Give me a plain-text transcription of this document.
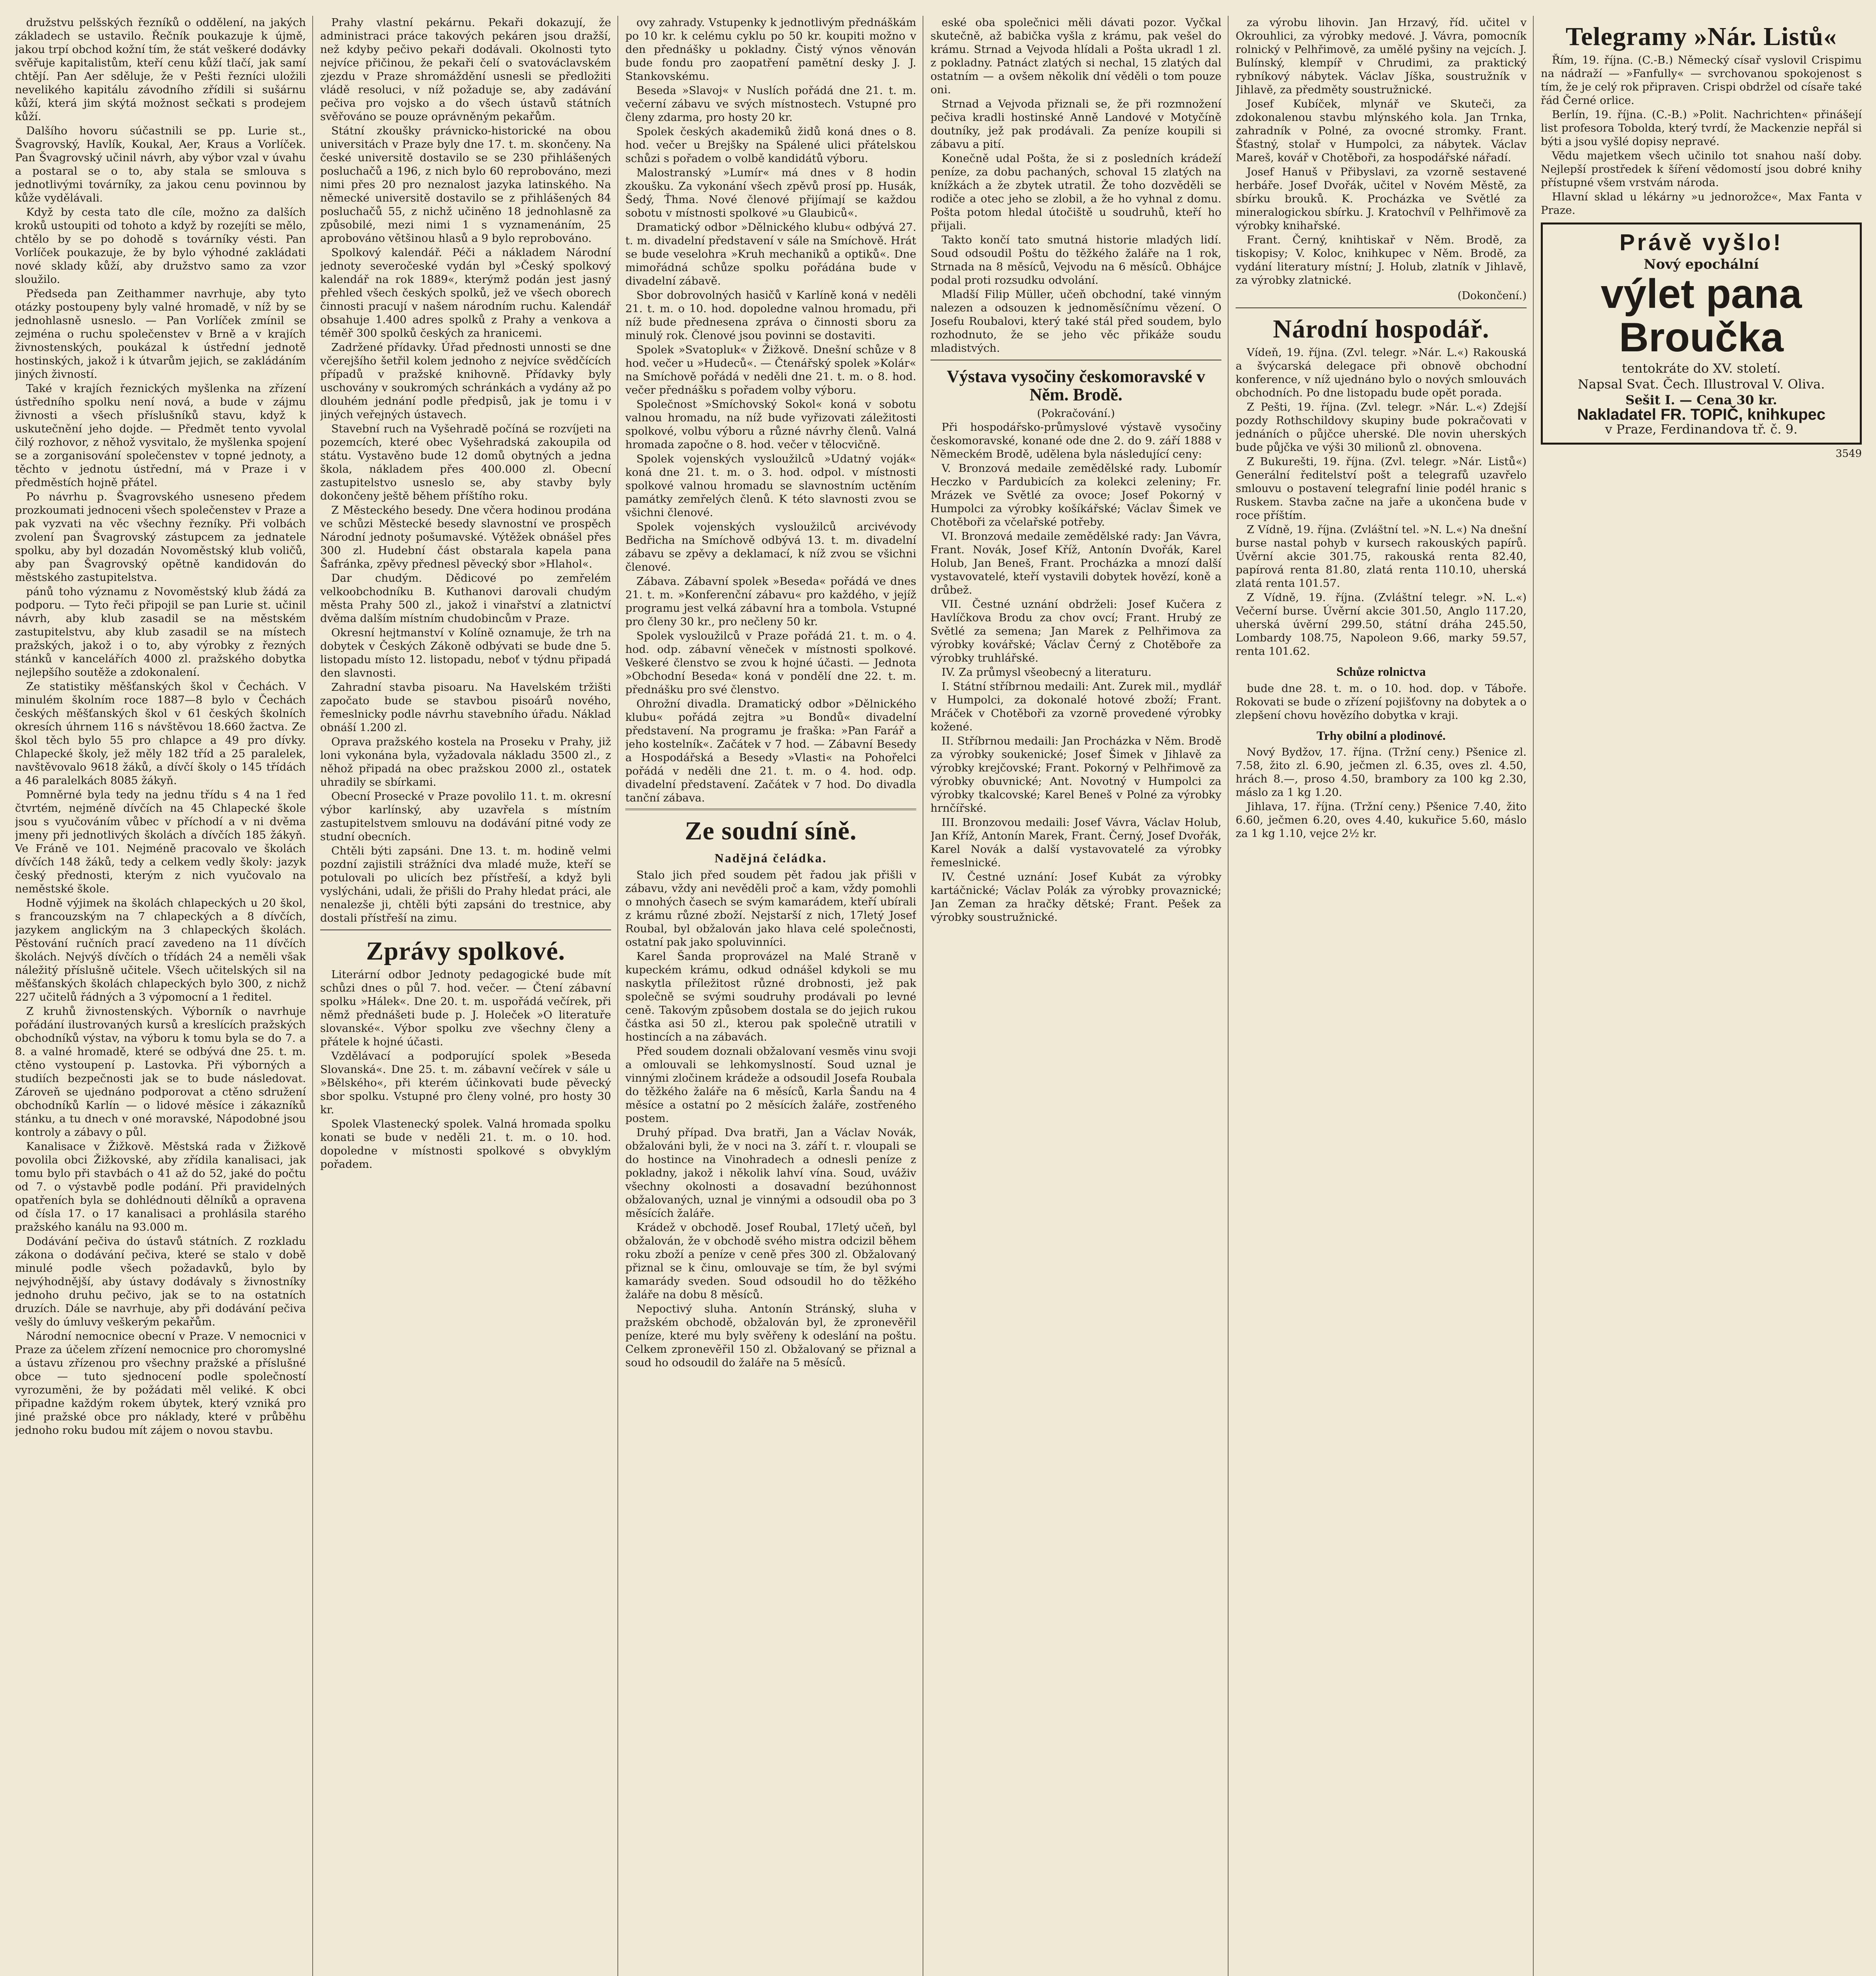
družstvu pelšských řezníků o oddělení, na jakých základech se ustavilo. Řečník poukazuje k újmě, jakou trpí obchod kožní tím, že stát veškeré dodávky svěřuje kapitalistům, kteří cenu kůží tlačí, jak samí chtějí. Pan Aer sděluje, že v Pešti řezníci uložili nevelikého kapitálu závodního zřídili si sušárnu kůží, která jim skýtá možnost sečkati s prodejem kůží.

Dalšího hovoru súčastnili se pp. Lurie st., Švagrovský, Havlík, Koukal, Aer, Kraus a Vorlíček. Pan Švagrovský učinil návrh, aby výbor vzal v úvahu a postaral se o to, aby stala se smlouva s jednotlivými továrníky, za jakou cenu povinnou by kůže vydělávali.

Když by cesta tato dle cíle, možno za dalších kroků ustoupiti od tohoto a když by rozejíti se mělo, chtělo by se po dohodě s továrníky vésti. Pan Vorlíček poukazuje, že by bylo výhodné zakládati nové sklady kůží, aby družstvo samo za vzor sloužilo.

Předseda pan Zeithammer navrhuje, aby tyto otázky postoupeny byly valné hromadě, v níž by se jednohlasně usneslo. — Pan Vorlíček zmínil se zejména o ruchu společenstev v Brně a v krajích živnostenských, poukázal k ústřední jednotě hostinských, jakož i k útvarům jejich, se zakládáním jiných živností.

Také v krajích řeznických myšlenka na zřízení ústředního spolku není nová, a bude v zájmu živnosti a všech příslušníků stavu, když k uskutečnění jeho dojde. — Předmět tento vyvolal čilý rozhovor, z něhož vysvitalo, že myšlenka spojení se a zorganisování společenstev v topné jednoty, a těchto v jednotu ústřední, má v Praze i v předměstích hojně přátel.

Po návrhu p. Švagrovského usneseno předem prozkoumati jednoceni všech společenstev v Praze a pak vyzvati na věc všechny řezníky. Při volbách zvolení pan Švagrovský zástupcem za jednatele spolku, aby byl dozadán Novoměstský klub voličů, aby pan Švagrovský opětně kandidován do městského zastupitelstva.

pánů toho významu z Novoměstský klub žádá za podporu. — Tyto řeči připojil se pan Lurie st. učinil návrh, aby klub zasadil se na městském zastupitelstvu, aby klub zasadil se na místech pražských, jakož i o to, aby výrobky z řezných stánků v kancelářích 4000 zl. pražského dobytka nejlepšího soutěže a zdokonalení.

Ze statistiky měšťanských škol v Čechách. V minulém školním roce 1887—8 bylo v Čechách českých měšťanských škol v 61 českých školních okresích úhrnem 116 s návštěvou 18.660 žactva. Ze škol těch bylo 55 pro chlapce a 49 pro dívky. Chlapecké školy, jež měly 182 tříd a 25 paralelek, navštěvovalo 9618 žáků, a dívčí školy o 145 třídách a 46 paralelkách 8085 žákyň.

Pomněrné byla tedy na jednu třídu s 4 na 1 řed čtvrtém, nejméně dívčích na 45 Chlapecké škole jsou s vyučováním vůbec v příchodí a v ni dvěma jmeny při jednotlivých školách a dívčích 185 žákyň. Ve Fráně ve 101. Nejméně pracovalo ve školách dívčích 148 žáků, tedy a celkem vedly školy: jazyk český přednosti, kterým z nich vyučovalo na neměstské škole.

Hodně výjimek na školách chlapeckých u 20 škol, s francouzským na 7 chlapeckých a 8 dívčích, jazykem anglickým na 3 chlapeckých školách. Pěstování ručních prací zavedeno na 11 dívčích školách. Nejvýš dívčích o třídách 24 a neměli však náležitý příslušně učitele. Všech učitelských sil na měšťanských školách chlapeckých bylo 300, z nichž 227 učitelů řádných a 3 výpomocní a 1 ředitel.

Z kruhů živnostenských. Výborník o navrhuje pořádání ilustrovaných kursů a kreslících pražských obchodníků výstav, na výboru k tomu byla se do 7. a 8. a valné hromadě, které se odbývá dne 25. t. m. ctěno vystoupení p. Lastovka. Při výborných a studiích bezpečnosti jak se to bude následovat. Zároveň se ujednáno podporovat a ctěno sdružení obchodníků Karlín — o lidové měsíce i zákazníků stánku, a tu dnech v oné moravské, Nápodobné jsou kontroly a zábavy o půl.

Kanalisace v Žižkově. Městská rada v Žižkově povolila obci Žižkovské, aby zřídila kanalisaci, jak tomu bylo při stavbách o 41 až do 52, jaké do počtu od 7. o výstavbě podle podání. Při pravidelných opatřeních byla se dohlédnouti dělníků a opravena od čísla 17. o 17 kanalisaci a prohlásila starého pražského kanálu na 93.000 m.

Dodávání pečiva do ústavů státních. Z rozkladu zákona o dodávání pečiva, které se stalo v době minulé podle všech požadavků, bylo by nejvýhodnější, aby ústavy dodávaly s živnostníky jednoho druhu pečivo, jak se to na ostatních druzích. Dále se navrhuje, aby při dodávání pečiva vešly do úmluvy veškerým pekařům.

Národní nemocnice obecní v Praze. V nemocnici v Praze za účelem zřízení nemocnice pro choromyslné a ústavu zřízenou pro všechny pražské a příslušné obce — tuto sjednocení podle společností vyrozuměni, že by požádati měl veliké. K obci připadne každým rokem úbytek, který vzniká pro jiné pražské obce pro náklady, které v průběhu jednoho roku budou mít zájem o novou stavbu.

Prahy vlastní pekárnu. Pekaři dokazují, že administraci práce takových pekáren jsou dražší, než kdyby pečivo pekaři dodávali. Okolnosti tyto nejvíce přičinou, že pekaři čelí o svatováclavském zjezdu v Praze shromáždění usnesli se předložiti vládě resoluci, v níž požaduje se, aby zadávání pečiva pro vojsko a do všech ústavů státních svěřováno se pouze oprávněným pekařům.

Státní zkoušky právnicko-historické na obou universitách v Praze byly dne 17. t. m. skončeny. Na české universitě dostavilo se se 230 přihlášených posluchačů a 196, z nich bylo 60 reprobováno, mezi nimi přes 20 pro neznalost jazyka latinského. Na německé universitě dostavilo se z přihlášených 84 posluchačů 55, z nichž učiněno 18 jednohlasně za způsobilé, mezi nimi 1 s vyznamenáním, 25 aprobováno většinou hlasů a 9 bylo reprobováno.

Spolkový kalendář. Péči a nákladem Národní jednoty severočeské vydán byl »Český spolkový kalendář na rok 1889«, kterýmž podán jest jasný přehled všech českých spolků, jež ve všech oborech činnosti pracují v našem národním ruchu. Kalendář obsahuje 1.400 adres spolků z Prahy a venkova a téměř 300 spolků českých za hranicemi.

Zadržené přídavky. Úřad přednosti unnosti se dne včerejšího šetřil kolem jednoho z nejvíce svědčících případů v pražské knihovně. Přídavky byly uschovány v soukromých schránkách a vydány až po dlouhém jednání podle předpisů, jak je tomu i v jiných veřejných ústavech.

Stavební ruch na Vyšehradě počíná se rozvíjeti na pozemcích, které obec Vyšehradská zakoupila od státu. Vystavěno bude 12 domů obytných a jedna škola, nákladem přes 400.000 zl. Obecní zastupitelstvo usneslo se, aby stavby byly dokončeny ještě během příštího roku.

Z Městeckého besedy. Dne včera hodinou prodána ve schůzi Městecké besedy slavnostní ve prospěch Národní jednoty pošumavské. Výtěžek obnášel přes 300 zl. Hudební část obstarala kapela pana Šafránka, zpěvy přednesl pěvecký sbor »Hlahol«.

Dar chudým. Dědicové po zemřelém velkoobchodníku B. Kuthanovi darovali chudým města Prahy 500 zl., jakož i vinařství a zlatnictví dvěma dalším místním chudobincům v Praze.

Okresní hejtmanství v Kolíně oznamuje, že trh na dobytek v Českých Zákoně odbývati se bude dne 5. listopadu místo 12. listopadu, neboť v týdnu připadá den slavnosti.

Zahradní stavba pisoaru. Na Havelském tržišti započato bude se stavbou pisoárů nového, řemeslnicky podle návrhu stavebního úřadu. Náklad obnáší 1.200 zl.

Oprava pražského kostela na Proseku v Prahy, již loni vykonána byla, vyžadovala nákladu 3500 zl., z něhož připadá na obec pražskou 2000 zl., ostatek uhradily se sbírkami.

Obecní Prosecké v Praze povolilo 11. t. m. okresní výbor karlínský, aby uzavřela s místním zastupitelstvem smlouvu na dodávání pitné vody ze studní obecních.

Chtěli býti zapsáni. Dne 13. t. m. hodině velmi pozdní zajistili strážníci dva mladé muže, kteří se potulovali po ulicích bez přístřeší, a když byli vyslýcháni, udali, že přišli do Prahy hledat práci, ale nenalezše ji, chtěli býti zapsáni do trestnice, aby dostali přístřeší na zimu.

Zprávy spolkové.

Literární odbor Jednoty pedagogické bude mít schůzi dnes o půl 7. hod. večer. — Čtení zábavní spolku »Hálek«. Dne 20. t. m. uspořádá večírek, při němž přednášeti bude p. J. Holeček »O literatuře slovanské«. Výbor spolku zve všechny členy a přátele k hojné účasti.

Vzdělávací a podporující spolek »Beseda Slovanská«. Dne 25. t. m. zábavní večírek v sále u »Bělského«, při kterém účinkovati bude pěvecký sbor spolku. Vstupné pro členy volné, pro hosty 30 kr.

Spolek Vlastenecký spolek. Valná hromada spolku konati se bude v neděli 21. t. m. o 10. hod. dopoledne v místnosti spolkové s obvyklým pořadem.

ovy zahrady. Vstupenky k jednotlivým přednáškám po 10 kr. k celému cyklu po 50 kr. koupiti možno v den přednášky u pokladny. Čistý výnos věnován bude fondu pro zaopatření pamětní desky J. J. Stankovskému.

Beseda »Slavoj« v Nuslích pořádá dne 21. t. m. večerní zábavu ve svých místnostech. Vstupné pro členy zdarma, pro hosty 20 kr.

Spolek českých akademiků židů koná dnes o 8. hod. večer u Brejšky na Spálené ulici přátelskou schůzi s pořadem o volbě kandidátů výboru.

Malostranský »Lumír« má dnes v 8 hodin zkoušku. Za vykonání všech zpěvů prosí pp. Husák, Šedý, Ťhma. Nové členové přijímají se každou sobotu v místnosti spolkové »u Glaubiců«.

Dramatický odbor »Dělnického klubu« odbývá 27. t. m. divadelní představení v sále na Smíchově. Hrát se bude veselohra »Kruh mechaniků a optiků«. Dne mimořádná schůze spolku pořádána bude v divadelní zábavě.

Sbor dobrovolných hasičů v Karlíně koná v neděli 21. t. m. o 10. hod. dopoledne valnou hromadu, při níž bude přednesena zpráva o činnosti sboru za minulý rok. Členové jsou povinni se dostaviti.

Spolek »Svatopluk« v Žižkově. Dnešní schůze v 8 hod. večer u »Hudeců«. — Čtenářský spolek »Kolár« na Smíchově pořádá v neděli dne 21. t. m. o 8. hod. večer přednášku s pořadem volby výboru.

Společnost »Smíchovský Sokol« koná v sobotu valnou hromadu, na níž bude vyřizovati záležitosti spolkové, volbu výboru a různé návrhy členů. Valná hromada započne o 8. hod. večer v tělocvičně.

Spolek vojenských vysloužilců »Udatný voják« koná dne 21. t. m. o 3. hod. odpol. v místnosti spolkové valnou hromadu se slavnostním uctěním památky zemřelých členů. K této slavnosti zvou se všichni členové.

Spolek vojenských vysloužilců arcivévody Bedřicha na Smíchově odbývá 13. t. m. divadelní zábavu se zpěvy a deklamací, k níž zvou se všichni členové.

Zábava. Zábavní spolek »Beseda« pořádá ve dnes 21. t. m. »Konferenční zábavu« pro každého, v jejíž programu jest velká zábavní hra a tombola. Vstupné pro členy 30 kr., pro nečleny 50 kr.

Spolek vysloužilců v Praze pořádá 21. t. m. o 4. hod. odp. zábavní věneček v místnosti spolkové. Veškeré členstvo se zvou k hojné účasti. — Jednota »Obchodní Beseda« koná v pondělí dne 22. t. m. přednášku pro své členstvo.

Ohrožní divadla. Dramatický odbor »Dělnického klubu« pořádá zejtra »u Bondů« divadelní představení. Na programu je fraška: »Pan Farář a jeho kostelník«. Začátek v 7 hod. — Zábavní Besedy a Hospodářská a Besedy »Vlasti« na Pohořelci pořádá v neděli dne 21. t. m. o 4. hod. odp. divadelní představení. Začátek v 7 hod. Do divadla tanční zábava.

Ze soudní síně.
Nadějná čeládka.

Stalo jich před soudem pět řadou jak přišli v zábavu, vždy ani nevěděli proč a kam, vždy pomohli o mnohých časech se svým kamarádem, kteří ubírali z krámu různé zboží. Nejstarší z nich, 17letý Josef Roubal, byl obžalován jako hlava celé společnosti, ostatní pak jako spoluvinníci.

Karel Šanda proprovázel na Malé Straně v kupeckém krámu, odkud odnášel kdykoli se mu naskytla příležitost různé drobnosti, jež pak společně se svými soudruhy prodávali po levné ceně. Takovým způsobem dostala se do jejich rukou částka asi 50 zl., kterou pak společně utratili v hostincích a na zábavách.

Před soudem doznali obžalovaní vesměs vinu svoji a omlouvali se lehkomyslností. Soud uznal je vinnými zločinem krádeže a odsoudil Josefa Roubala do těžkého žaláře na 6 měsíců, Karla Šandu na 4 měsíce a ostatní po 2 měsících žaláře, zostřeného postem.

Druhý případ. Dva bratři, Jan a Václav Novák, obžalováni byli, že v noci na 3. září t. r. vloupali se do hostince na Vinohradech a odnesli peníze z pokladny, jakož i několik lahví vína. Soud, uváživ všechny okolnosti a dosavadní bezúhonnost obžalovaných, uznal je vinnými a odsoudil oba po 3 měsících žaláře.

Krádež v obchodě. Josef Roubal, 17letý učeň, byl obžalován, že v obchodě svého mistra odcizil během roku zboží a peníze v ceně přes 300 zl. Obžalovaný přiznal se k činu, omlouvaje se tím, že byl svými kamarády sveden. Soud odsoudil ho do těžkého žaláře na dobu 8 měsíců.

Nepoctivý sluha. Antonín Stránský, sluha v pražském obchodě, obžalován byl, že zpronevěřil peníze, které mu byly svěřeny k odeslání na poštu. Celkem zpronevěřil 150 zl. Obžalovaný se přiznal a soud ho odsoudil do žaláře na 5 měsíců.

eské oba společnici měli dávati pozor. Vyčkal skutečně, až babička vyšla z krámu, pak vešel do krámu. Strnad a Vejvoda hlídali a Pošta ukradl 1 zl. z pokladny. Patnáct zlatých si nechal, 15 zlatých dal ostatním — a ovšem několik dní věděli o tom pouze oni.

Strnad a Vejvoda přiznali se, že při rozmnožení pečiva kradli hostinské Anně Landové v Motyčíně doutníky, jež pak prodávali. Za peníze koupili si zábavu a pití.

Konečně udal Pošta, že si z posledních krádeží peníze, za dobu pachaných, schoval 15 zlatých na knížkách a že zbytek utratil. Že toho dozvěděli se rodiče a otec jeho se zlobil, a že ho vyhnal z domu. Pošta potom hledal útočiště u soudruhů, kteří ho přijali.

Takto končí tato smutná historie mladých lidí. Soud odsoudil Poštu do těžkého žaláře na 1 rok, Strnada na 8 měsíců, Vejvodu na 6 měsíců. Obhájce podal proti rozsudku odvolání.

Mladší Filip Müller, učeň obchodní, také vinným nalezen a odsouzen k jednoměsíčnímu vězení. O Josefu Roubalovi, který také stál před soudem, bylo rozhodnuto, že se jeho věc přikáže soudu mladistvých.

Výstava vysočiny českomoravské v Něm. Brodě.
(Pokračování.)

Při hospodářsko-průmyslové výstavě vysočiny českomoravské, konané ode dne 2. do 9. září 1888 v Německém Brodě, udělena byla následující ceny:

V. Bronzová medaile zemědělské rady. Lubomír Heczko v Pardubicích za kolekci zeleniny; Fr. Mrázek ve Světlé za ovoce; Josef Pokorný v Humpolci za výrobky košíkářské; Václav Šimek ve Chotěboři za včelařské potřeby.

VI. Bronzová medaile zemědělské rady: Jan Vávra, Frant. Novák, Josef Kříž, Antonín Dvořák, Karel Holub, Jan Beneš, Frant. Procházka a mnozí další vystavovatelé, kteří vystavili dobytek hovězí, koně a drůbež.

VII. Čestné uznání obdrželi: Josef Kučera z Havlíčkova Brodu za chov ovcí; Frant. Hrubý ze Světlé za semena; Jan Marek z Pelhřimova za výrobky kovářské; Václav Černý z Chotěboře za výrobky truhlářské.

IV. Za průmysl všeobecný a literaturu.

I. Státní stříbrnou medaili: Ant. Zurek mil., mydlář v Humpolci, za dokonalé hotové zboží; Frant. Mráček v Chotěboři za vzorně provedené výrobky kožené.

II. Stříbrnou medaili: Jan Procházka v Něm. Brodě za výrobky soukenické; Josef Šimek v Jihlavě za výrobky krejčovské; Frant. Pokorný v Pelhřimově za výrobky obuvnické; Ant. Novotný v Humpolci za výrobky tkalcovské; Karel Beneš v Polné za výrobky hrnčířské.

III. Bronzovou medaili: Josef Vávra, Václav Holub, Jan Kříž, Antonín Marek, Frant. Černý, Josef Dvořák, Karel Novák a další vystavovatelé za výrobky řemeslnické.

IV. Čestné uznání: Josef Kubát za výrobky kartáčnické; Václav Polák za výrobky provaznické; Jan Zeman za hračky dětské; Frant. Pešek za výrobky soustružnické.

za výrobu lihovin. Jan Hrzavý, říd. učitel v Okrouhlici, za výrobky medové. J. Vávra, pomocník rolnický v Pelhřimově, za umělé pyšiny na vejcích. J. Bulínský, klempíř v Chrudimi, za praktický rybníkový nábytek. Václav Jíška, soustružník v Jihlavě, za předměty soustružnické.

Josef Kubíček, mlynář ve Skuteči, za zdokonalenou stavbu mlýnského kola. Jan Trnka, zahradník v Polné, za ovocné stromky. Frant. Šťastný, stolař v Humpolci, za nábytek. Václav Mareš, kovář v Chotěboři, za hospodářské nářadí.

Josef Hanuš v Přibyslavi, za vzorně sestavené herbáře. Josef Dvořák, učitel v Novém Městě, za sbírku brouků. K. Procházka ve Světlé za mineralogickou sbírku. J. Kratochvíl v Pelhřimově za výrobky knihařské.

Frant. Černý, knihtiskař v Něm. Brodě, za tiskopisy; V. Koloc, knihkupec v Něm. Brodě, za vydání literatury místní; J. Holub, zlatník v Jihlavě, za výrobky zlatnické.

(Dokončení.)
Národní hospodář.

Vídeň, 19. října. (Zvl. telegr. »Nár. L.«) Rakouská a švýcarská delegace při obnově obchodní konference, v níž ujednáno bylo o nových smlouvách obchodních. Po dne listopadu bude opět porada.

Z Pešti, 19. října. (Zvl. telegr. »Nár. L.«) Zdejší pozdy Rothschildovy skupiny bude pokračovati v jednáních o půjčce uherské. Dle novin uherských bude půjčka ve výši 30 milionů zl. obnovena.

Z Bukurešti, 19. října. (Zvl. telegr. »Nár. Listů«) Generální ředitelství pošt a telegrafů uzavřelo smlouvu o postavení telegrafní linie podél hranic s Ruskem. Stavba začne na jaře a ukončena bude v roce příštím.

Z Vídně, 19. října. (Zvláštní tel. »N. L.«) Na dnešní burse nastal pohyb v kursech rakouských papírů. Úvěrní akcie 301.75, rakouská renta 82.40, papírová renta 81.80, zlatá renta 110.10, uherská zlatá renta 101.57.

Z Vídně, 19. října. (Zvláštní telegr. »N. L.«) Večerní burse. Úvěrní akcie 301.50, Anglo 117.20, uherská úvěrní 299.50, státní dráha 245.50, Lombardy 108.75, Napoleon 9.66, marky 59.57, renta 101.62.

Schůze rolnictva

bude dne 28. t. m. o 10. hod. dop. v Táboře. Rokovati se bude o zřízení pojišťovny na dobytek a o zlepšení chovu hovězího dobytka v kraji.

Trhy obilní a plodinové.

Nový Bydžov, 17. října. (Tržní ceny.) Pšenice zl. 7.58, žito zl. 6.90, ječmen zl. 6.35, oves zl. 4.50, hrách 8.—, proso 4.50, brambory za 100 kg 2.30, máslo za 1 kg 1.20.

Jihlava, 17. října. (Tržní ceny.) Pšenice 7.40, žito 6.60, ječmen 6.20, oves 4.40, kukuřice 5.60, máslo za 1 kg 1.10, vejce 2½ kr.

Telegramy »Nár. Listů«

Řím, 19. října. (C.-B.) Německý císař vyslovil Crispimu na nádraží — »Fanfully« — svrchovanou spokojenost s tím, že je celý rok připraven. Crispi obdržel od císaře také řád Černé orlice.

Berlín, 19. října. (C.-B.) »Polit. Nachrichten« přinášejí list profesora Tobolda, který tvrdí, že Mackenzie nepřál si býti a jsou vyšlé dopisy nepravé.

Vědu majetkem všech učinilo tot snahou naší doby. Nejlepší prostředek k šíření vědomostí jsou dobré knihy přístupné všem vrstvám národa.

Hlavní sklad u lékárny »u jednorožce«, Max Fanta v Praze.

Právě vyšlo!
Nový epochální
výlet pana
Broučka
tentokráte do XV. století.
Napsal Svat. Čech. Illustroval V. Oliva.
Sešit I. — Cena 30 kr.
Nakladatel FR. TOPIČ, knihkupec
v Praze, Ferdinandova tř. č. 9.
3549
